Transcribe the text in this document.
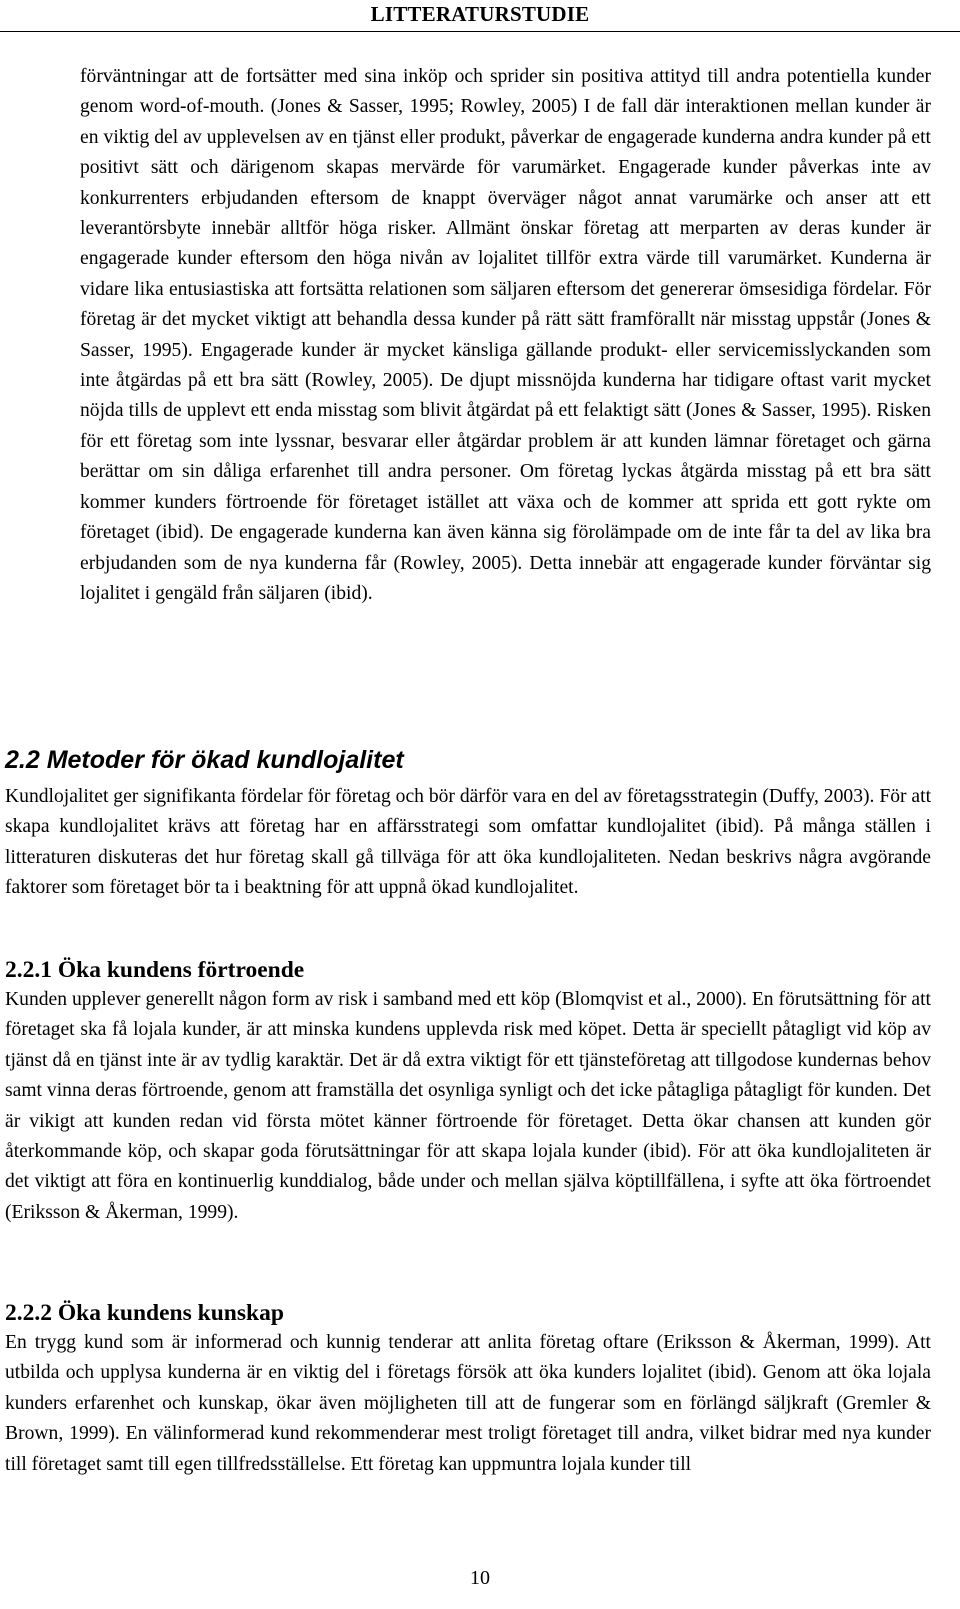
LITTERATURSTUDIE

förväntningar att de fortsätter med sina inköp och sprider sin positiva attityd till andra potentiella kunder genom word-of-mouth. (Jones & Sasser, 1995; Rowley, 2005) I de fall där interaktionen mellan kunder är en viktig del av upplevelsen av en tjänst eller produkt, påverkar de engagerade kunderna andra kunder på ett positivt sätt och därigenom skapas mervärde för varumärket. Engagerade kunder påverkas inte av konkurrenters erbjudanden eftersom de knappt överväger något annat varumärke och anser att ett leverantörsbyte innebär alltför höga risker. Allmänt önskar företag att merparten av deras kunder är engagerade kunder eftersom den höga nivån av lojalitet tillför extra värde till varumärket. Kunderna är vidare lika entusiastiska att fortsätta relationen som säljaren eftersom det genererar ömsesidiga fördelar. För företag är det mycket viktigt att behandla dessa kunder på rätt sätt framförallt när misstag uppstår (Jones & Sasser, 1995). Engagerade kunder är mycket känsliga gällande produkt- eller servicemisslyckanden som inte åtgärdas på ett bra sätt (Rowley, 2005). De djupt missnöjda kunderna har tidigare oftast varit mycket nöjda tills de upplevt ett enda misstag som blivit åtgärdat på ett felaktigt sätt (Jones & Sasser, 1995). Risken för ett företag som inte lyssnar, besvarar eller åtgärdar problem är att kunden lämnar företaget och gärna berättar om sin dåliga erfarenhet till andra personer. Om företag lyckas åtgärda misstag på ett bra sätt kommer kunders förtroende för företaget istället att växa och de kommer att sprida ett gott rykte om företaget (ibid). De engagerade kunderna kan även känna sig förolämpade om de inte får ta del av lika bra erbjudanden som de nya kunderna får (Rowley, 2005). Detta innebär att engagerade kunder förväntar sig lojalitet i gengäld från säljaren (ibid).

2.2 Metoder för ökad kundlojalitet

Kundlojalitet ger signifikanta fördelar för företag och bör därför vara en del av företagsstrategin (Duffy, 2003). För att skapa kundlojalitet krävs att företag har en affärsstrategi som omfattar kundlojalitet (ibid). På många ställen i litteraturen diskuteras det hur företag skall gå tillväga för att öka kundlojaliteten. Nedan beskrivs några avgörande faktorer som företaget bör ta i beaktning för att uppnå ökad kundlojalitet.

2.2.1 Öka kundens förtroende

Kunden upplever generellt någon form av risk i samband med ett köp (Blomqvist et al., 2000). En förutsättning för att företaget ska få lojala kunder, är att minska kundens upplevda risk med köpet. Detta är speciellt påtagligt vid köp av tjänst då en tjänst inte är av tydlig karaktär. Det är då extra viktigt för ett tjänsteföretag att tillgodose kundernas behov samt vinna deras förtroende, genom att framställa det osynliga synligt och det icke påtagliga påtagligt för kunden. Det är vikigt att kunden redan vid första mötet känner förtroende för företaget. Detta ökar chansen att kunden gör återkommande köp, och skapar goda förutsättningar för att skapa lojala kunder (ibid). För att öka kundlojaliteten är det viktigt att föra en kontinuerlig kunddialog, både under och mellan själva köptillfällena, i syfte att öka förtroendet (Eriksson & Åkerman, 1999).

2.2.2 Öka kundens kunskap

En trygg kund som är informerad och kunnig tenderar att anlita företag oftare (Eriksson & Åkerman, 1999). Att utbilda och upplysa kunderna är en viktig del i företags försök att öka kunders lojalitet (ibid). Genom att öka lojala kunders erfarenhet och kunskap, ökar även möjligheten till att de fungerar som en förlängd säljkraft (Gremler & Brown, 1999). En välinformerad kund rekommenderar mest troligt företaget till andra, vilket bidrar med nya kunder till företaget samt till egen tillfredsställelse. Ett företag kan uppmuntra lojala kunder till

10
